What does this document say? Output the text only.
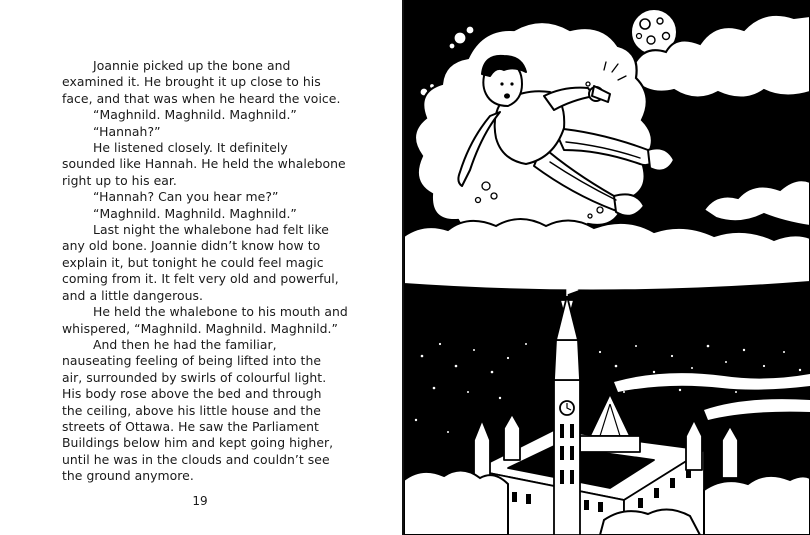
Joannie picked up the bone and

examined it. He brought it up close to his

face, and that was when he heard the voice.

“Maghnild. Maghnild. Maghnild.”

“Hannah?”

He listened closely. It definitely

sounded like Hannah. He held the whalebone

right up to his ear.

“Hannah? Can you hear me?”

“Maghnild. Maghnild. Maghnild.”

Last night the whalebone had felt like

any old bone. Joannie didn’t know how to

explain it, but tonight he could feel magic

coming from it. It felt very old and powerful,

and a little dangerous.

He held the whalebone to his mouth and

whispered, “Maghnild. Maghnild. Maghnild.”

And then he had the familiar,

nauseating feeling of being lifted into the

air, surrounded by swirls of colourful light.

His body rose above the bed and through

the ceiling, above his little house and the

streets of Ottawa. He saw the Parliament

Buildings below him and kept going higher,

until he was in the clouds and couldn’t see

the ground anymore.

19
